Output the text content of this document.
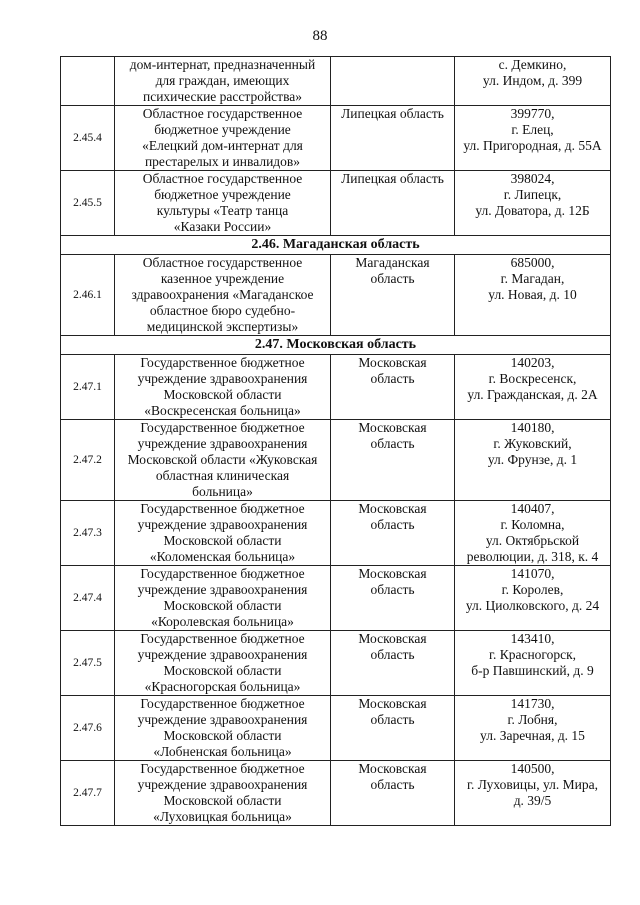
88
	дом-интернат, предназначенный
для граждан, имеющих
психические расстройства»		с. Демкино,
ул. Индом, д. 399
2.45.4	Областное государственное
бюджетное учреждение
«Елецкий дом-интернат для
престарелых и инвалидов»	Липецкая область	399770,
г. Елец,
ул. Пригородная, д. 55А
2.45.5	Областное государственное
бюджетное учреждение
культуры «Театр танца
«Казаки России»	Липецкая область	398024,
г. Липецк,
ул. Доватора, д. 12Б
2.46. Магаданская область			
2.46.1	Областное государственное
казенное учреждение
здравоохранения «Магаданское
областное бюро судебно-
медицинской экспертизы»	Магаданская
область	685000,
г. Магадан,
ул. Новая, д. 10
2.47. Московская область			
2.47.1	Государственное бюджетное
учреждение здравоохранения
Московской области
«Воскресенская больница»	Московская
область	140203,
г. Воскресенск,
ул. Гражданская, д. 2А
2.47.2	Государственное бюджетное
учреждение здравоохранения
Московской области «Жуковская
областная клиническая
больница»	Московская
область	140180,
г. Жуковский,
ул. Фрунзе, д. 1
2.47.3	Государственное бюджетное
учреждение здравоохранения
Московской области
«Коломенская больница»	Московская
область	140407,
г. Коломна,
ул. Октябрьской
революции, д. 318, к. 4
2.47.4	Государственное бюджетное
учреждение здравоохранения
Московской области
«Королевская больница»	Московская
область	141070,
г. Королев,
ул. Циолковского, д. 24
2.47.5	Государственное бюджетное
учреждение здравоохранения
Московской области
«Красногорская больница»	Московская
область	143410,
г. Красногорск,
б-р Павшинский, д. 9
2.47.6	Государственное бюджетное
учреждение здравоохранения
Московской области
«Лобненская больница»	Московская
область	141730,
г. Лобня,
ул. Заречная, д. 15
2.47.7	Государственное бюджетное
учреждение здравоохранения
Московской области
«Луховицкая больница»	Московская
область	140500,
г. Луховицы, ул. Мира,
д. 39/5
